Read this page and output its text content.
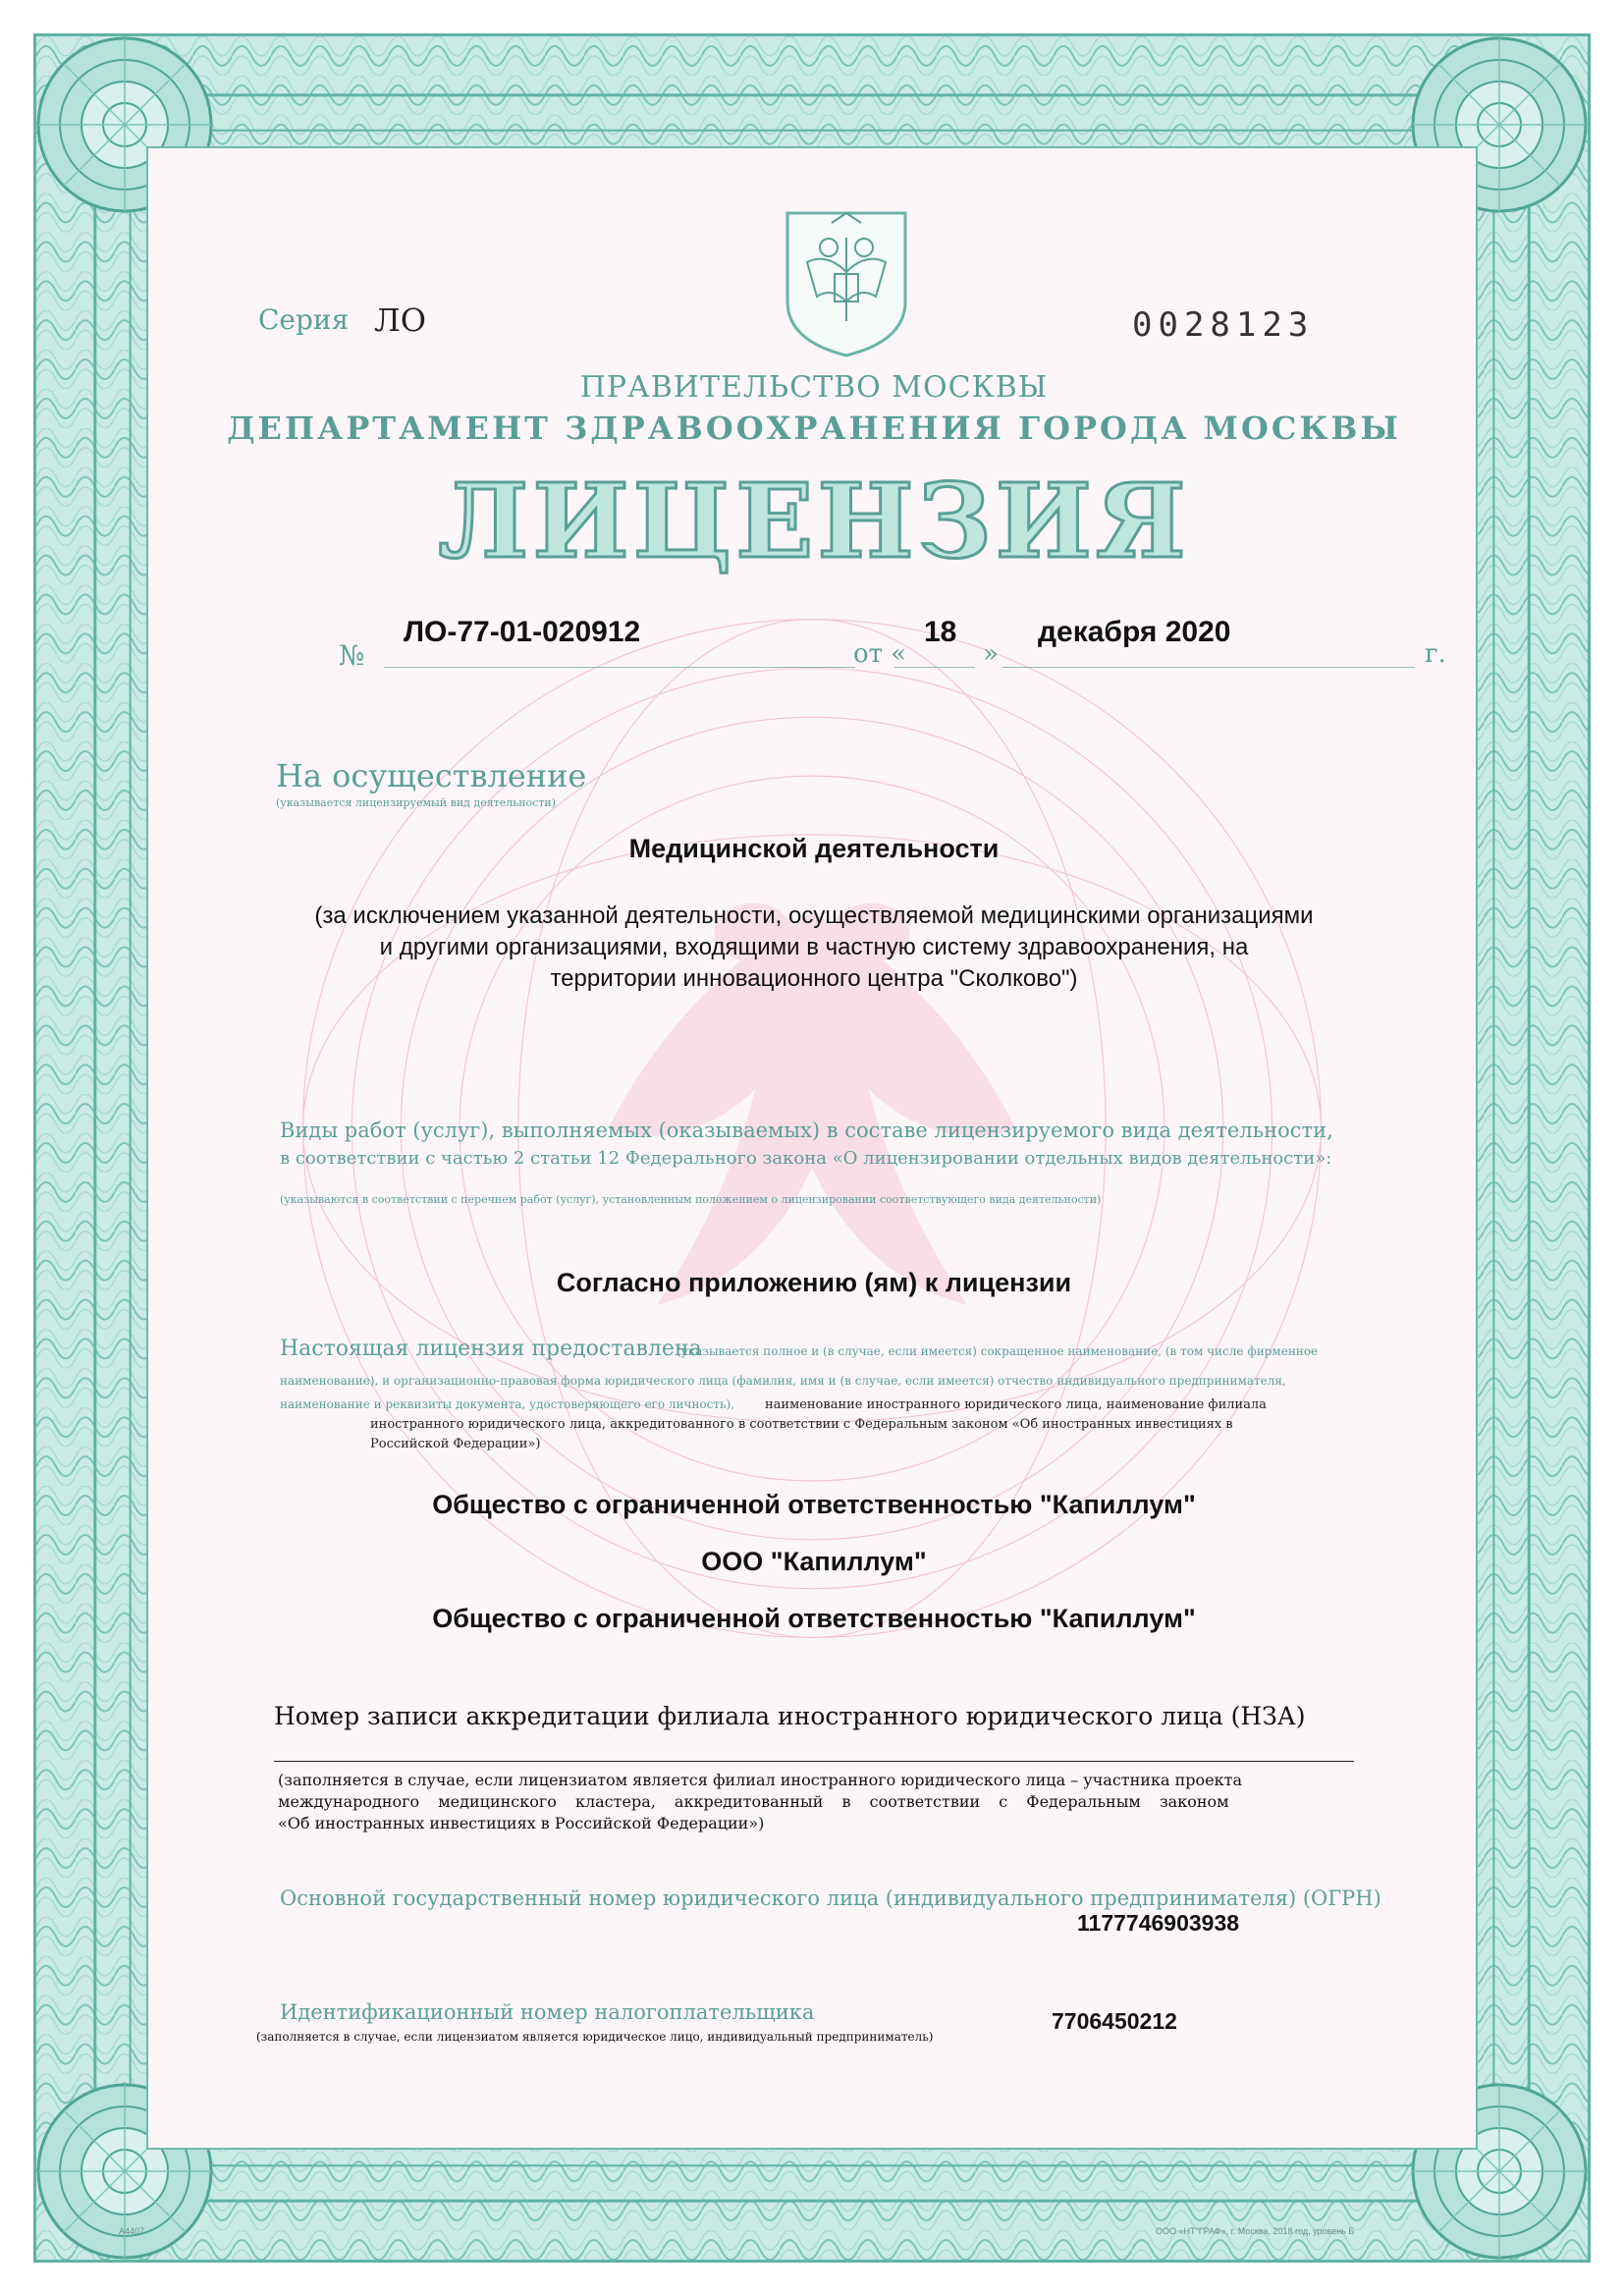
Серия ЛО	0028123
ПРАВИТЕЛЬСТВО МОСКВЫ
ДЕПАРТАМЕНТ ЗДРАВООХРАНЕНИЯ ГОРОДА МОСКВЫ
ЛИЦЕНЗИЯ
№
ЛО-77-01-020912
от «
18
»
декабря 2020
г.
На осуществление
(указывается лицензируемый вид деятельности)
Медицинской деятельности
(за исключением указанной деятельности, осуществляемой медицинскими организациями
и другими организациями, входящими в частную систему здравоохранения, на
территории инновационного центра "Сколково")
Виды работ (услуг), выполняемых (оказываемых) в составе лицензируемого вида деятельности,
в соответствии с частью 2 статьи 12 Федерального закона «О лицензировании отдельных видов деятельности»:
(указываются в соответствии с перечнем работ (услуг), установленным положением о лицензировании соответствующего вида деятельности)
Согласно приложению (ям) к лицензии
Настоящая лицензия предоставлена
(указывается полное и (в случае, если имеется) сокращенное наименование, (в том числе фирменное
наименование), и организационно-правовая форма юридического лица (фамилия, имя и (в случае, если имеется) отчество индивидуального предпринимателя,
наименование и реквизиты документа, удостоверяющего его личность), наименование иностранного юридического лица, наименование филиала
иностранного юридического лица, аккредитованного в соответствии с Федеральным законом «Об иностранных инвестициях в
Российской Федерации»)
Общество с ограниченной ответственностью "Капиллум"
ООО "Капиллум"
Общество с ограниченной ответственностью "Капиллум"
Номер записи аккредитации филиала иностранного юридического лица (НЗА)
(заполняется в случае, если лицензиатом является филиал иностранного юридического лица – участника проекта
международного медицинского кластера, аккредитованный в соответствии с Федеральным законом
«Об иностранных инвестициях в Российской Федерации»)
Основной государственный номер юридического лица (индивидуального предпринимателя) (ОГРН)
1177746903938
Идентификационный номер налогоплательщика
(заполняется в случае, если лицензиатом является юридическое лицо, индивидуальный предприниматель)
7706450212
А4407	ООО «НТ"ГРАФ», г. Москва, 2018 год, уровень Б
